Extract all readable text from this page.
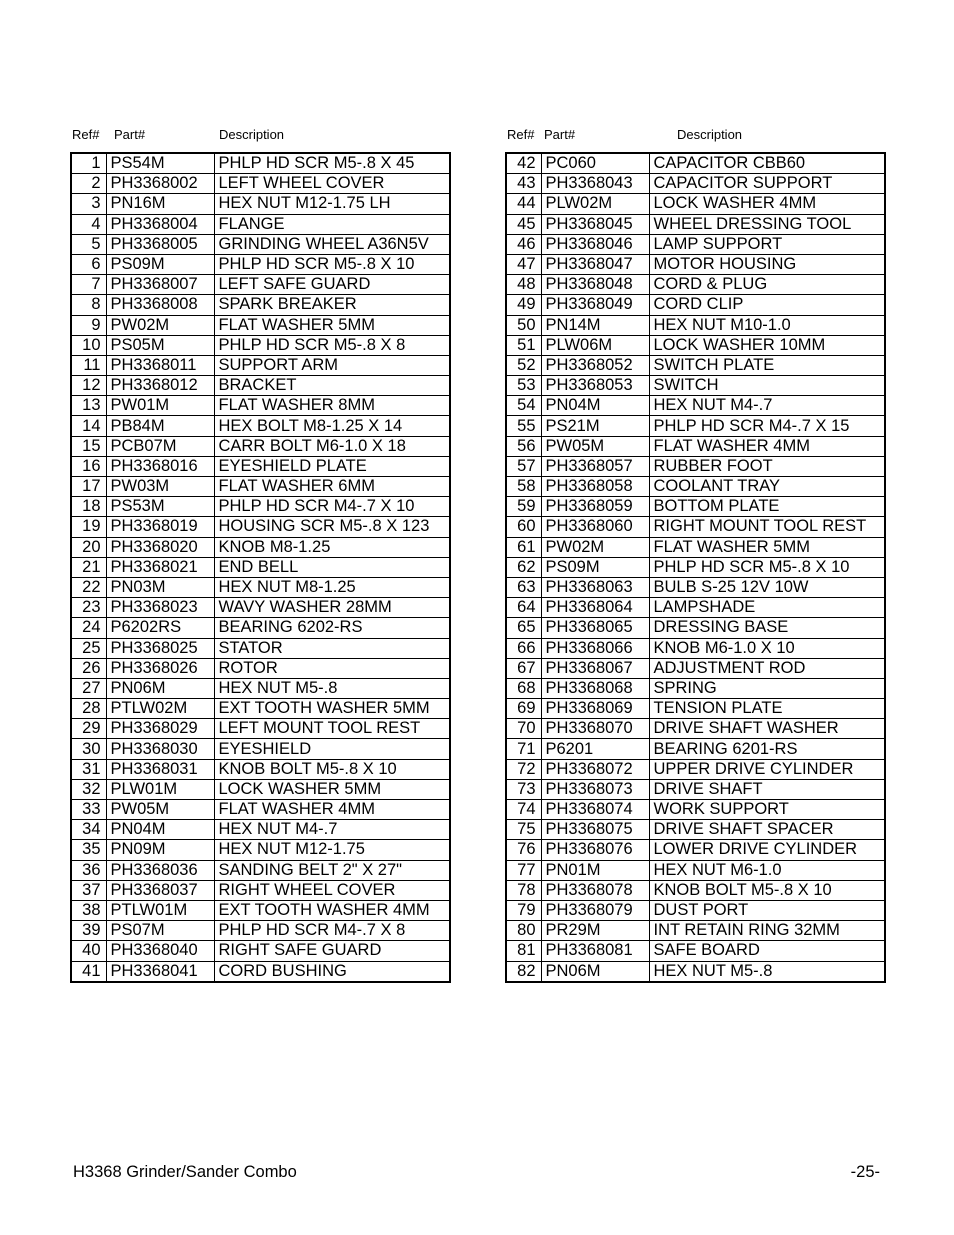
Ref# Part#	Description
1	PS54M	PHLP HD SCR M5-.8 X 45
2	PH3368002	LEFT WHEEL COVER
3	PN16M	HEX NUT M12-1.75 LH
4	PH3368004	FLANGE
5	PH3368005	GRINDING WHEEL A36N5V
6	PS09M	PHLP HD SCR M5-.8 X 10
7	PH3368007	LEFT SAFE GUARD
8	PH3368008	SPARK BREAKER
9	PW02M	FLAT WASHER 5MM
10	PS05M	PHLP HD SCR M5-.8 X 8
11	PH3368011	SUPPORT ARM
12	PH3368012	BRACKET
13	PW01M	FLAT WASHER 8MM
14	PB84M	HEX BOLT M8-1.25 X 14
15	PCB07M	CARR BOLT M6-1.0 X 18
16	PH3368016	EYESHIELD PLATE
17	PW03M	FLAT WASHER 6MM
18	PS53M	PHLP HD SCR M4-.7 X 10
19	PH3368019	HOUSING SCR M5-.8 X 123
20	PH3368020	KNOB M8-1.25
21	PH3368021	END BELL
22	PN03M	HEX NUT M8-1.25
23	PH3368023	WAVY WASHER 28MM
24	P6202RS	BEARING 6202-RS
25	PH3368025	STATOR
26	PH3368026	ROTOR
27	PN06M	HEX NUT M5-.8
28	PTLW02M	EXT TOOTH WASHER 5MM
29	PH3368029	LEFT MOUNT TOOL REST
30	PH3368030	EYESHIELD
31	PH3368031	KNOB BOLT M5-.8 X 10
32	PLW01M	LOCK WASHER 5MM
33	PW05M	FLAT WASHER 4MM
34	PN04M	HEX NUT M4-.7
35	PN09M	HEX NUT M12-1.75
36	PH3368036	SANDING BELT 2" X 27"
37	PH3368037	RIGHT WHEEL COVER
38	PTLW01M	EXT TOOTH WASHER 4MM
39	PS07M	PHLP HD SCR M4-.7 X 8
40	PH3368040	RIGHT SAFE GUARD
41	PH3368041	CORD BUSHING
Ref# Part#	Description
42	PC060	CAPACITOR CBB60
43	PH3368043	CAPACITOR SUPPORT
44	PLW02M	LOCK WASHER 4MM
45	PH3368045	WHEEL DRESSING TOOL
46	PH3368046	LAMP SUPPORT
47	PH3368047	MOTOR HOUSING
48	PH3368048	CORD & PLUG
49	PH3368049	CORD CLIP
50	PN14M	HEX NUT M10-1.0
51	PLW06M	LOCK WASHER 10MM
52	PH3368052	SWITCH PLATE
53	PH3368053	SWITCH
54	PN04M	HEX NUT M4-.7
55	PS21M	PHLP HD SCR M4-.7 X 15
56	PW05M	FLAT WASHER 4MM
57	PH3368057	RUBBER FOOT
58	PH3368058	COOLANT TRAY
59	PH3368059	BOTTOM PLATE
60	PH3368060	RIGHT MOUNT TOOL REST
61	PW02M	FLAT WASHER 5MM
62	PS09M	PHLP HD SCR M5-.8 X 10
63	PH3368063	BULB S-25 12V 10W
64	PH3368064	LAMPSHADE
65	PH3368065	DRESSING BASE
66	PH3368066	KNOB M6-1.0 X 10
67	PH3368067	ADJUSTMENT ROD
68	PH3368068	SPRING
69	PH3368069	TENSION PLATE
70	PH3368070	DRIVE SHAFT WASHER
71	P6201	BEARING 6201-RS
72	PH3368072	UPPER DRIVE CYLINDER
73	PH3368073	DRIVE SHAFT
74	PH3368074	WORK SUPPORT
75	PH3368075	DRIVE SHAFT SPACER
76	PH3368076	LOWER DRIVE CYLINDER
77	PN01M	HEX NUT M6-1.0
78	PH3368078	KNOB BOLT M5-.8 X 10
79	PH3368079	DUST PORT
80	PR29M	INT RETAIN RING 32MM
81	PH3368081	SAFE BOARD
82	PN06M	HEX NUT M5-.8
H3368 Grinder/Sander Combo	-25-
